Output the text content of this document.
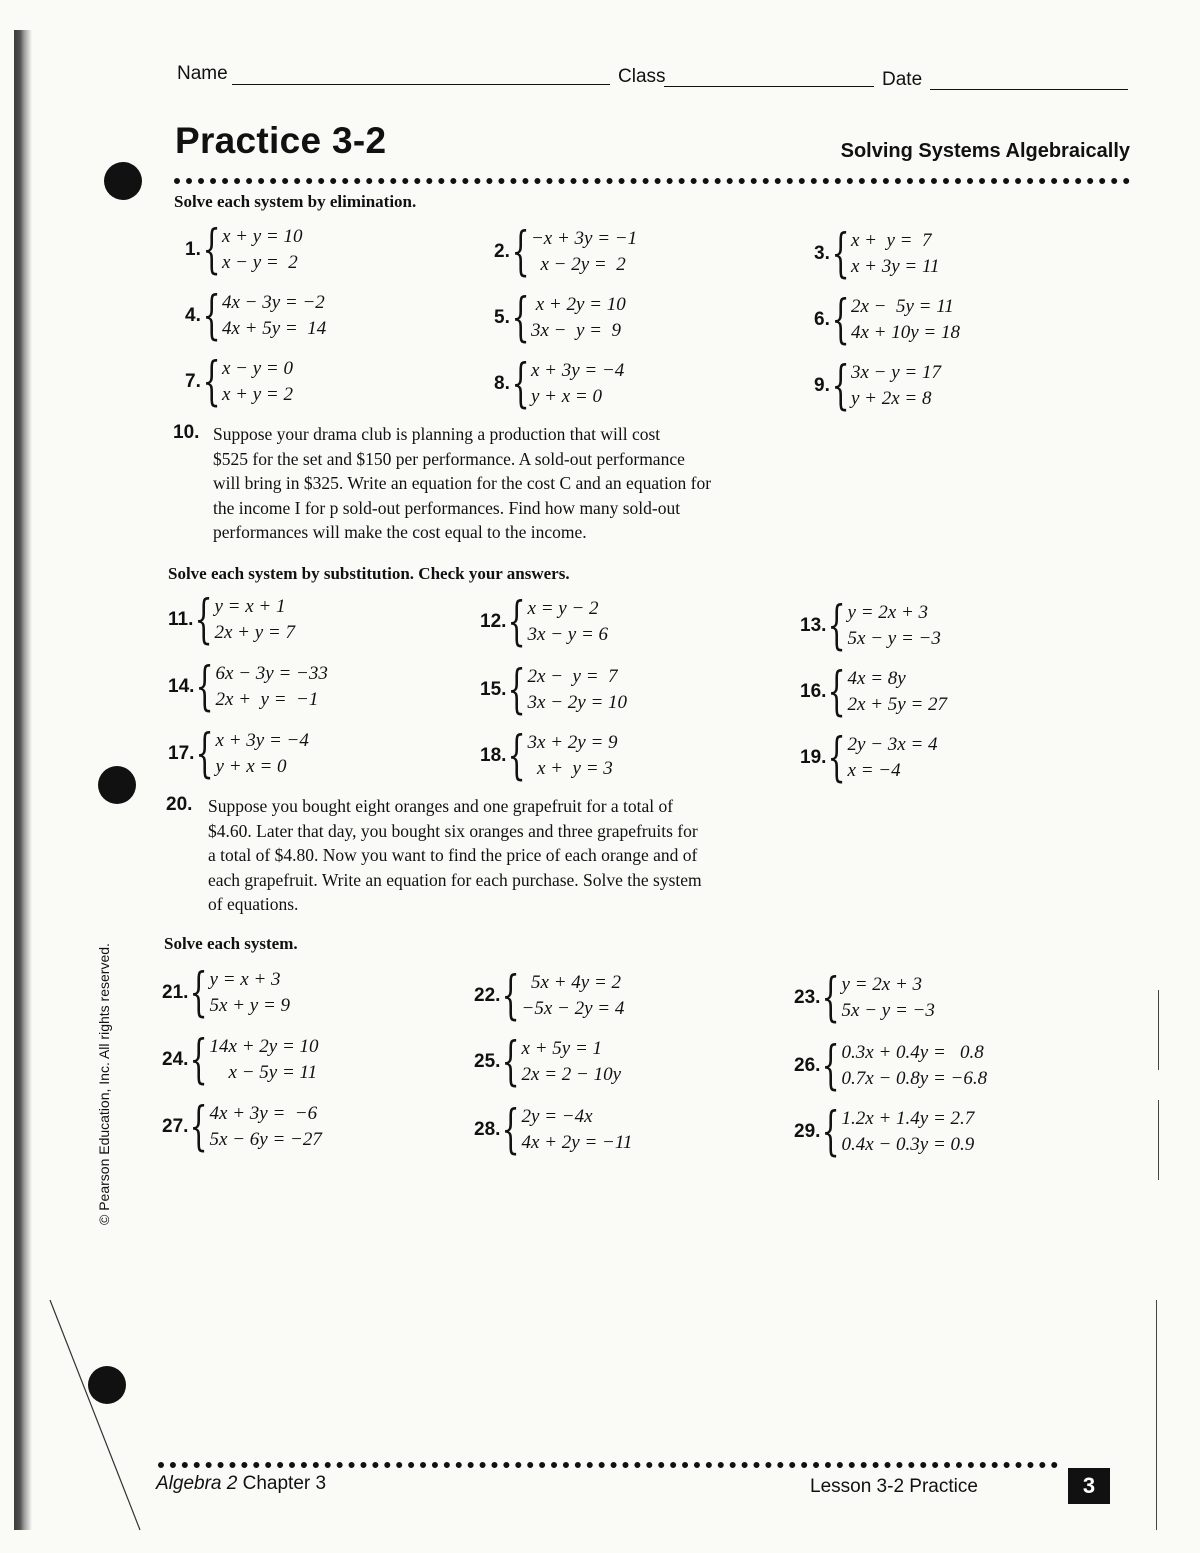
Name	Class	Date
Practice 3-2	Solving Systems Algebraically
Solve each system by elimination.
1. { x + y = 10
x − y =  2
2. { −x + 3y = −1
x − 2y =  2
3. { x +  y =  7
x + 3y = 11
4. { 4x − 3y = −2
4x + 5y =  14
5. { x + 2y = 10
3x −  y =  9
6. { 2x −  5y = 11
4x + 10y = 18
7. { x − y = 0
x + y = 2
8. { x + 3y = −4
y + x = 0
9. { 3x − y = 17
y + 2x = 8
10. Suppose your drama club is planning a production that will cost
$525 for the set and $150 per performance. A sold-out performance
will bring in $325. Write an equation for the cost C and an equation for
the income I for p sold-out performances. Find how many sold-out
performances will make the cost equal to the income.
Solve each system by substitution. Check your answers.
11. { y = x + 1
2x + y = 7
12. { x = y − 2
3x − y = 6	13. { y = 2x + 3
5x − y = −3
14. { 6x − 3y = −33
2x +  y =  −1	15. { 2x −  y =  7
3x − 2y = 10
16. { 4x = 8y
2x + 5y = 27
17. { x + 3y = −4
y + x = 0
18. { 3x + 2y = 9
x +  y = 3
19. { 2y − 3x = 4
x = −4
20. Suppose you bought eight oranges and one grapefruit for a total of
$4.60. Later that day, you bought six oranges and three grapefruits for
a total of $4.80. Now you want to find the price of each orange and of
each grapefruit. Write an equation for each purchase. Solve the system
of equations.
Solve each system.
21. { y = x + 3
5x + y = 9	22. { 5x + 4y = 2
−5x − 2y = 4
23. { y = 2x + 3
5x − y = −3
24. { 14x + 2y = 10
x − 5y = 11
25. { x + 5y = 1
2x = 2 − 10y	26. { 0.3x + 0.4y =   0.8
0.7x − 0.8y = −6.8
27. { 4x + 3y =  −6
5x − 6y = −27	28. { 2y = −4x
4x + 2y = −11
29. { 1.2x + 1.4y = 2.7
0.4x − 0.3y = 0.9
© Pearson Education, Inc. All rights reserved.
Algebra 2 Chapter 3	Lesson 3-2 Practice	3
